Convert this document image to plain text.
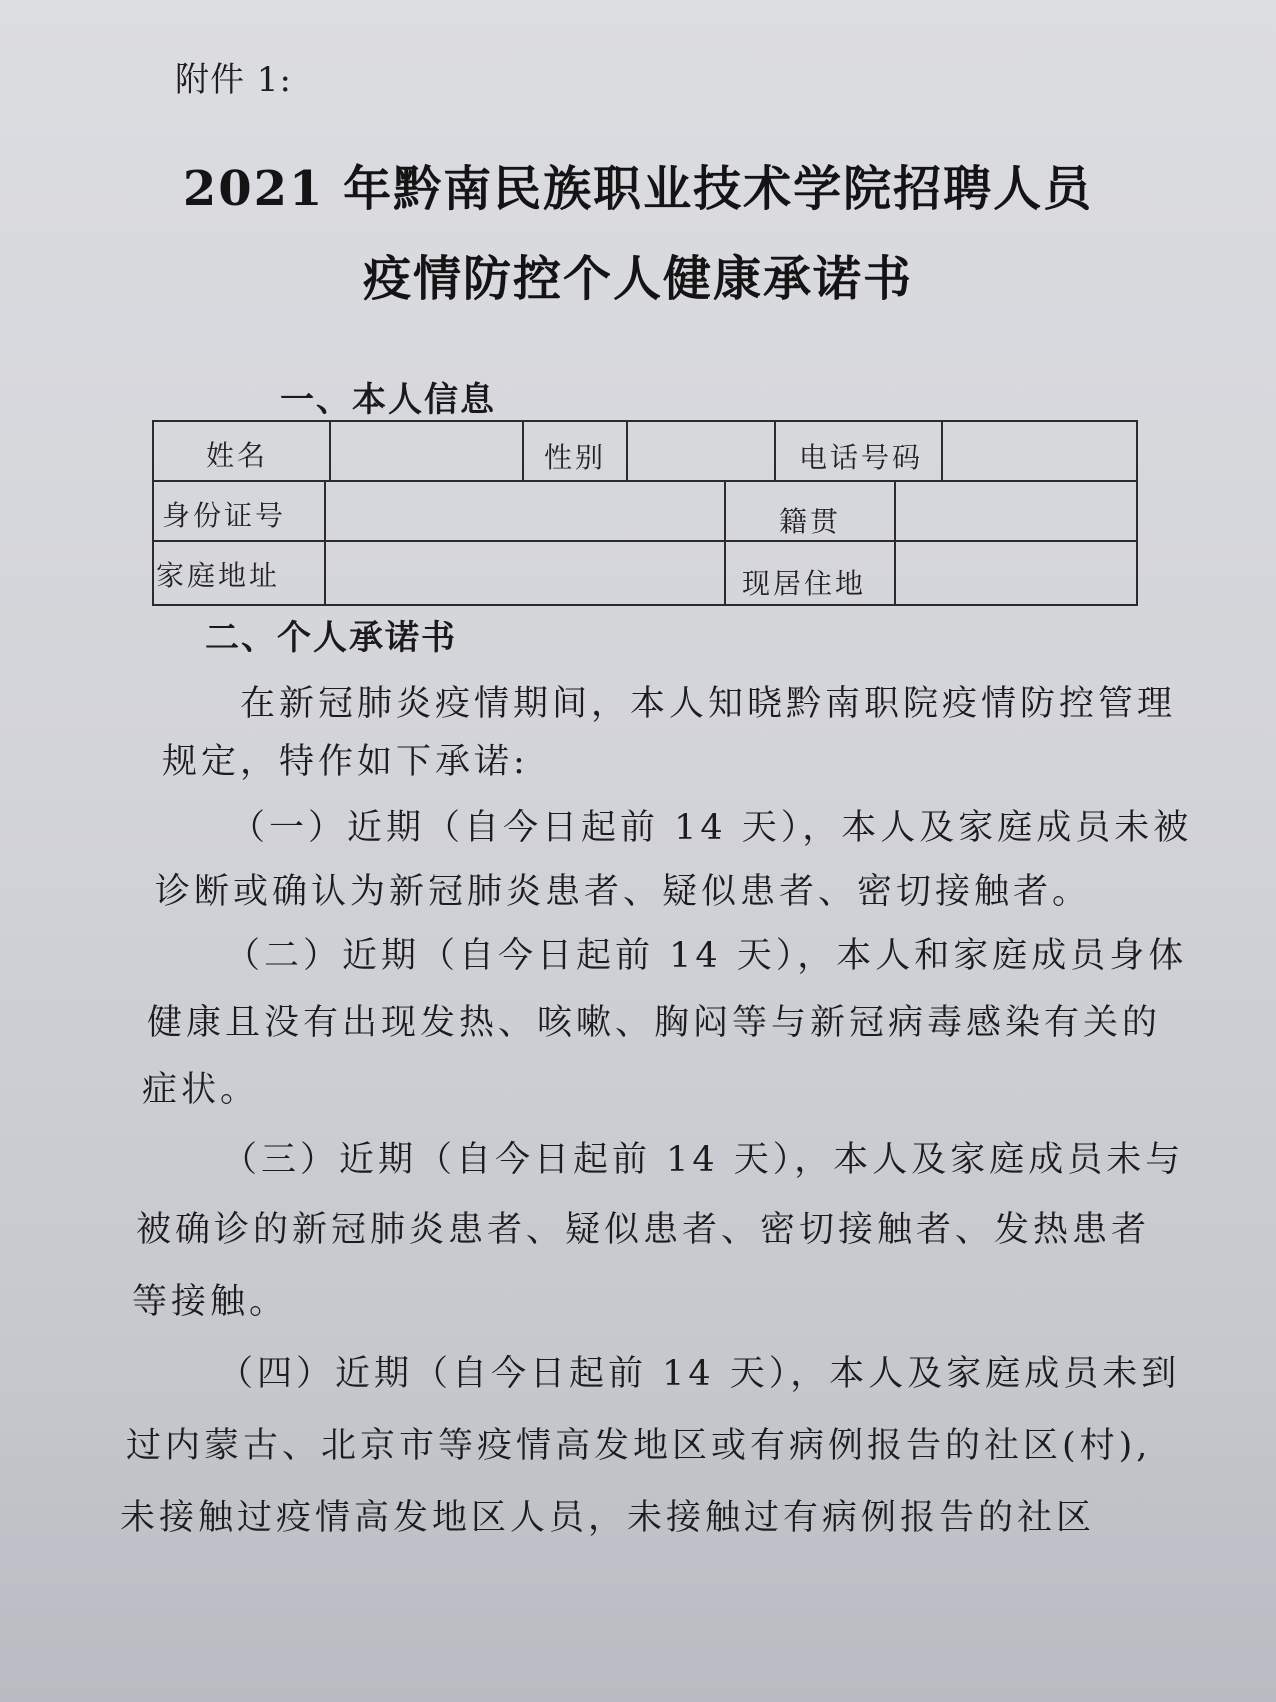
附件 1:
2021 年黔南民族职业技术学院招聘人员
疫情防控个人健康承诺书
一、本人信息
姓名	性别	电话号码
身份证号	籍贯
家庭地址	现居住地
二、个人承诺书
在新冠肺炎疫情期间，本人知晓黔南职院疫情防控管理
规定，特作如下承诺:
（一）近期（自今日起前 14 天），本人及家庭成员未被
诊断或确认为新冠肺炎患者、疑似患者、密切接触者。
（二）近期（自今日起前 14 天），本人和家庭成员身体
健康且没有出现发热、咳嗽、胸闷等与新冠病毒感染有关的
症状。
（三）近期（自今日起前 14 天），本人及家庭成员未与
被确诊的新冠肺炎患者、疑似患者、密切接触者、发热患者
等接触。
（四）近期（自今日起前 14 天），本人及家庭成员未到
过内蒙古、北京市等疫情高发地区或有病例报告的社区(村),
未接触过疫情高发地区人员，未接触过有病例报告的社区
